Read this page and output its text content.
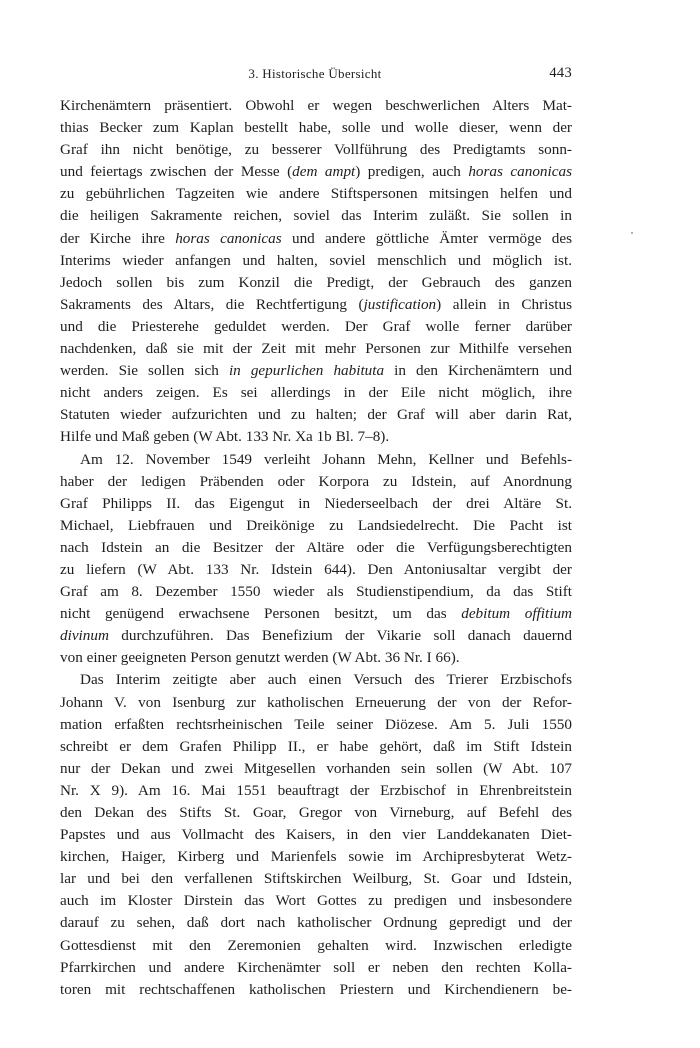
3. Historische Übersicht	443
Kirchenämtern präsentiert. Obwohl er wegen beschwerlichen Alters Mat-
thias Becker zum Kaplan bestellt habe, solle und wolle dieser, wenn der
Graf ihn nicht benötige, zu besserer Vollführung des Predigtamts sonn-
und feiertags zwischen der Messe (dem ampt) predigen, auch horas canonicas
zu gebührlichen Tagzeiten wie andere Stiftspersonen mitsingen helfen und
die heiligen Sakramente reichen, soviel das Interim zuläßt. Sie sollen in
der Kirche ihre horas canonicas und andere göttliche Ämter vermöge des
Interims wieder anfangen und halten, soviel menschlich und möglich ist.
Jedoch sollen bis zum Konzil die Predigt, der Gebrauch des ganzen
Sakraments des Altars, die Rechtfertigung (justification) allein in Christus
und die Priesterehe geduldet werden. Der Graf wolle ferner darüber
nachdenken, daß sie mit der Zeit mit mehr Personen zur Mithilfe versehen
werden. Sie sollen sich in gepurlichen habituta in den Kirchenämtern und
nicht anders zeigen. Es sei allerdings in der Eile nicht möglich, ihre
Statuten wieder aufzurichten und zu halten; der Graf will aber darin Rat,
Hilfe und Maß geben (W Abt. 133 Nr. Xa 1b Bl. 7–8).
Am 12. November 1549 verleiht Johann Mehn, Kellner und Befehls-
haber der ledigen Präbenden oder Korpora zu Idstein, auf Anordnung
Graf Philipps II. das Eigengut in Niederseelbach der drei Altäre St.
Michael, Liebfrauen und Dreikönige zu Landsiedelrecht. Die Pacht ist
nach Idstein an die Besitzer der Altäre oder die Verfügungsberechtigten
zu liefern (W Abt. 133 Nr. Idstein 644). Den Antoniusaltar vergibt der
Graf am 8. Dezember 1550 wieder als Studienstipendium, da das Stift
nicht genügend erwachsene Personen besitzt, um das debitum offitium
divinum durchzuführen. Das Benefizium der Vikarie soll danach dauernd
von einer geeigneten Person genutzt werden (W Abt. 36 Nr. I 66).
Das Interim zeitigte aber auch einen Versuch des Trierer Erzbischofs
Johann V. von Isenburg zur katholischen Erneuerung der von der Refor-
mation erfaßten rechtsrheinischen Teile seiner Diözese. Am 5. Juli 1550
schreibt er dem Grafen Philipp II., er habe gehört, daß im Stift Idstein
nur der Dekan und zwei Mitgesellen vorhanden sein sollen (W Abt. 107
Nr. X 9). Am 16. Mai 1551 beauftragt der Erzbischof in Ehrenbreitstein
den Dekan des Stifts St. Goar, Gregor von Virneburg, auf Befehl des
Papstes und aus Vollmacht des Kaisers, in den vier Landdekanaten Diet-
kirchen, Haiger, Kirberg und Marienfels sowie im Archipresbyterat Wetz-
lar und bei den verfallenen Stiftskirchen Weilburg, St. Goar und Idstein,
auch im Kloster Dirstein das Wort Gottes zu predigen und insbesondere
darauf zu sehen, daß dort nach katholischer Ordnung gepredigt und der
Gottesdienst mit den Zeremonien gehalten wird. Inzwischen erledigte
Pfarrkirchen und andere Kirchenämter soll er neben den rechten Kolla-
toren mit rechtschaffenen katholischen Priestern und Kirchendienern be-
